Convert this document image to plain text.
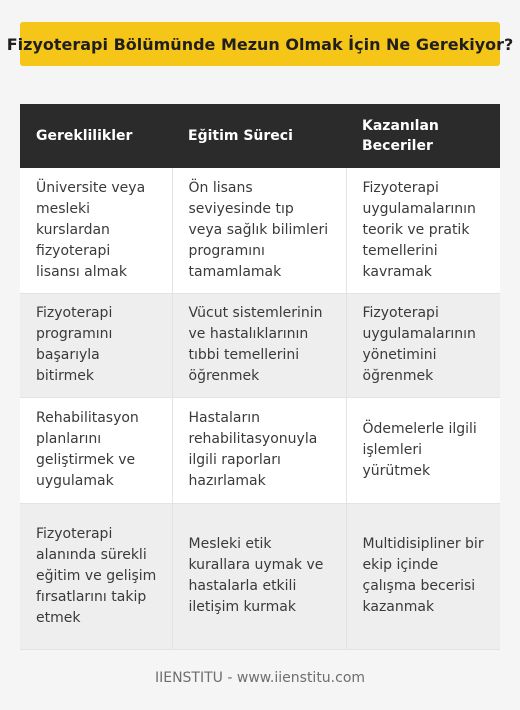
Fizyoterapi Bölümünde Mezun Olmak İçin Ne Gerekiyor?
Gereklilikler	Eğitim Süreci	Kazanılan Beceriler
Üniversite veya mesleki kurslardan fizyoterapi lisansı almak	Ön lisans seviyesinde tıp veya sağlık bilimleri programını tamamlamak	Fizyoterapi uygulamalarının teorik ve pratik temellerini kavramak
Fizyoterapi programını başarıyla bitirmek	Vücut sistemlerinin ve hastalıklarının tıbbi temellerini öğrenmek	Fizyoterapi uygulamalarının yönetimini öğrenmek
Rehabilitasyon planlarını geliştirmek ve uygulamak	Hastaların rehabilitasyonuyla ilgili raporları hazırlamak	Ödemelerle ilgili işlemleri yürütmek
Fizyoterapi alanında sürekli eğitim ve gelişim fırsatlarını takip etmek	Mesleki etik kurallara uymak ve hastalarla etkili iletişim kurmak	Multidisipliner bir ekip içinde çalışma becerisi kazanmak
IIENSTITU - www.iienstitu.com
